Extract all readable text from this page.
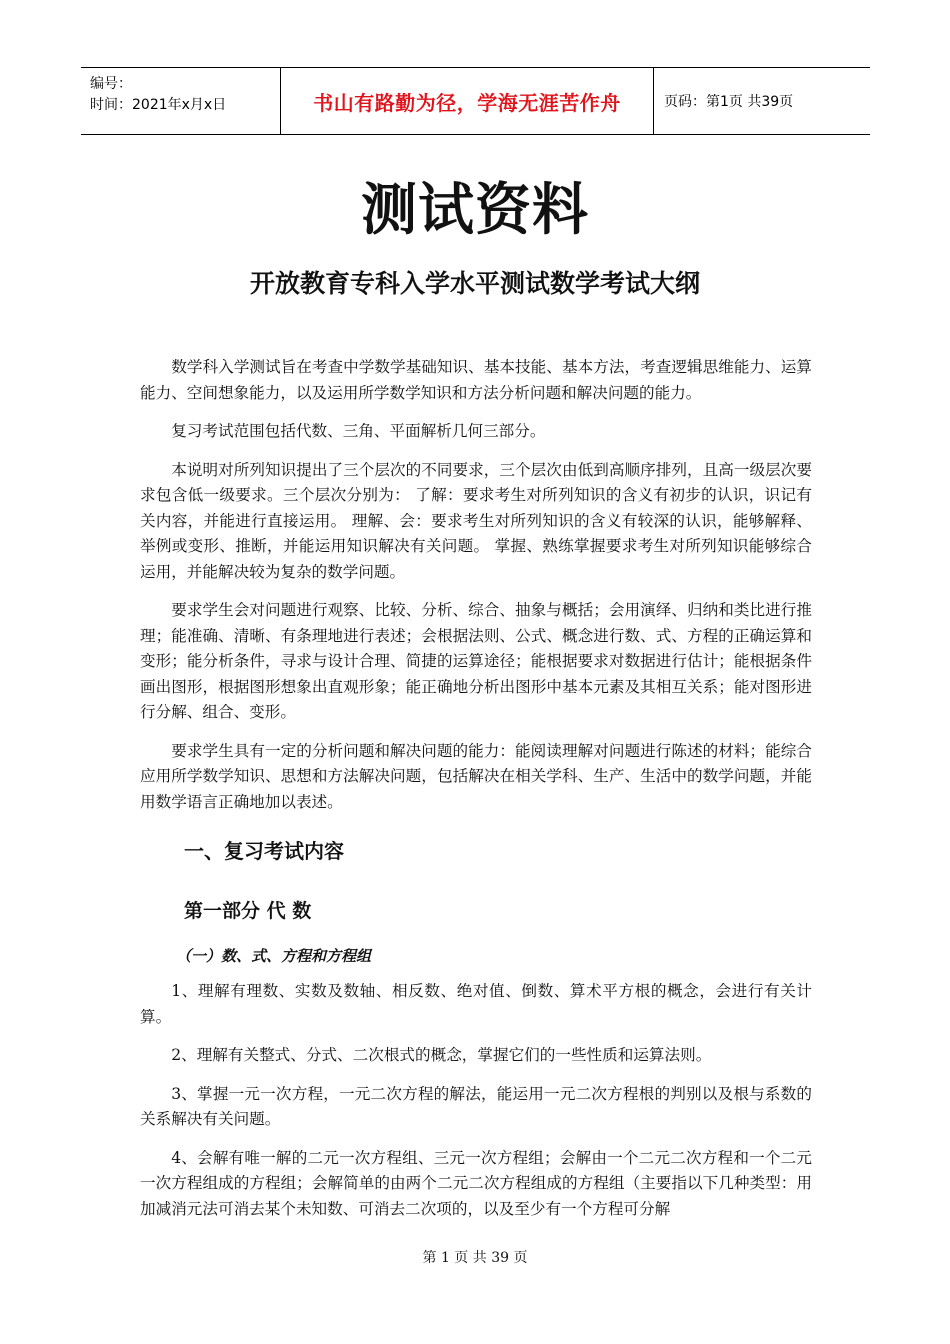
编号：
时间：2021年x月x日	书山有路勤为径，学海无涯苦作舟	页码：第1页 共39页
测试资料
开放教育专科入学水平测试数学考试大纲

数学科入学测试旨在考查中学数学基础知识、基本技能、基本方法，考查逻辑思维能力、运算能力、空间想象能力，以及运用所学数学知识和方法分析问题和解决问题的能力。

复习考试范围包括代数、三角、平面解析几何三部分。

本说明对所列知识提出了三个层次的不同要求，三个层次由低到高顺序排列，且高一级层次要求包含低一级要求。三个层次分别为： 了解：要求考生对所列知识的含义有初步的认识，识记有关内容，并能进行直接运用。 理解、会：要求考生对所列知识的含义有较深的认识，能够解释、举例或变形、推断，并能运用知识解决有关问题。 掌握、熟练掌握要求考生对所列知识能够综合运用，并能解决较为复杂的数学问题。

要求学生会对问题进行观察、比较、分析、综合、抽象与概括；会用演绎、归纳和类比进行推理；能准确、清晰、有条理地进行表述；会根据法则、公式、概念进行数、式、方程的正确运算和变形；能分析条件，寻求与设计合理、简捷的运算途径；能根据要求对数据进行估计；能根据条件画出图形，根据图形想象出直观形象；能正确地分析出图形中基本元素及其相互关系；能对图形进行分解、组合、变形。

要求学生具有一定的分析问题和解决问题的能力：能阅读理解对问题进行陈述的材料；能综合应用所学数学知识、思想和方法解决问题，包括解决在相关学科、生产、生活中的数学问题，并能用数学语言正确地加以表述。

一、复习考试内容
第一部分 代 数
（一）数、式、方程和方程组

1、理解有理数、实数及数轴、相反数、绝对值、倒数、算术平方根的概念，会进行有关计算。

2、理解有关整式、分式、二次根式的概念，掌握它们的一些性质和运算法则。

3、掌握一元一次方程，一元二次方程的解法，能运用一元二次方程根的判别以及根与系数的关系解决有关问题。

4、会解有唯一解的二元一次方程组、三元一次方程组；会解由一个二元二次方程和一个二元一次方程组成的方程组；会解简单的由两个二元二次方程组成的方程组（主要指以下几种类型：用加减消元法可消去某个未知数、可消去二次项的，以及至少有一个方程可分解

第 1 页 共 39 页
